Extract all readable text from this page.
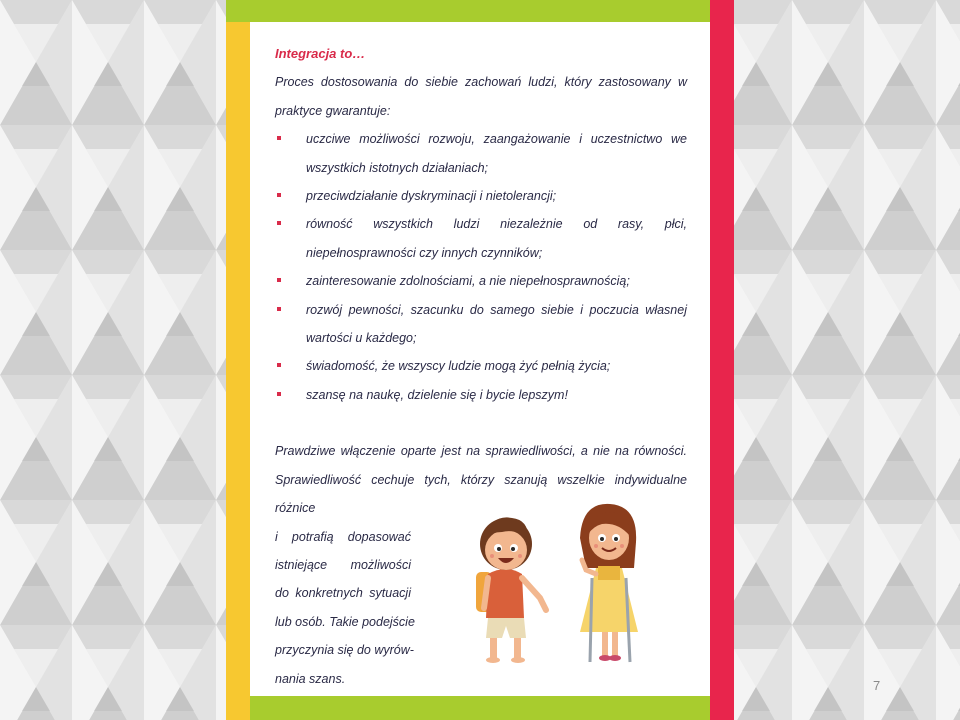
Integracja to…

Proces dostosowania do siebie zachowań ludzi, który zastosowany w praktyce gwarantuje:

uczciwe możliwości rozwoju, zaangażowanie i uczestnictwo we wszystkich istotnych działaniach;
przeciwdziałanie dyskryminacji i nietolerancji;
równość wszystkich ludzi niezależnie od rasy, płci, niepełnosprawności czy innych czynników;
zainteresowanie zdolnościami, a nie niepełnosprawnością;
rozwój pewności, szacunku do samego siebie i poczucia własnej wartości u każdego;
świadomość, że wszyscy ludzie mogą żyć pełnią życia;
szansę na naukę, dzielenie się i bycie lepszym!

Prawdziwe włączenie oparte jest na sprawiedliwości, a nie na równości. Sprawiedliwość cechuje tych, którzy szanują wszelkie indywidualne różnice

i potrafią dopasować
istniejące możliwości
do konkretnych sytuacji
lub osób. Takie podejście
przyczynia się do wyrów-
nania szans.	7
